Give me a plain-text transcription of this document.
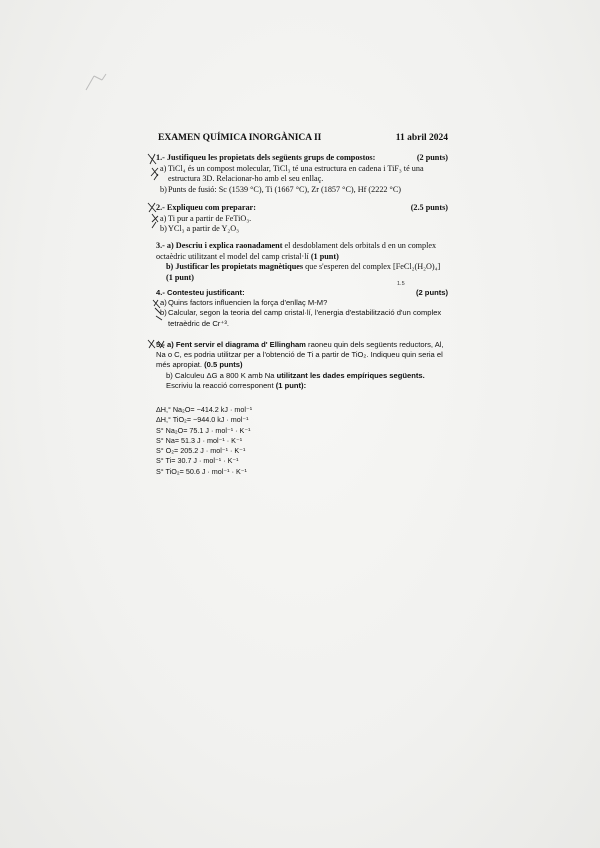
EXAMEN QUÍMICA INORGÀNICA II	11 abril 2024
1.- Justifiqueu les propietats dels següents grups de compostos:	(2 punts)
a) TiCl₄ és un compost molecular, TiCl₃ té una estructura en cadena i TiF₃ té una estructura 3D. Relacionar-ho amb el seu enllaç.
b) Punts de fusió: Sc (1539 °C), Ti (1667 °C), Zr (1857 °C), Hf (2222 °C)
2.- Expliqueu com preparar:	(2.5 punts)
a) Ti pur a partir de FeTiO₃.
b) YCl₃ a partir de Y₂O₃
3.- a) Descriu i explica raonadament el desdoblament dels orbitals d en un complex octaèdric utilitzant el model del camp cristal·lí (1 punt)
b) Justificar les propietats magnètiques que s'esperen del complex [FeCl₂(H₂O)₄] (1 punt)
4.- Contesteu justificant:	(2 punts)
a) Quins factors influencien la força d'enllaç M-M?
b) Calcular, segon la teoria del camp cristal·lí, l'energia d'estabilització d'un complex tetraèdric de Cr⁺³.
1.5
5.- a) Fent servir el diagrama d' Ellingham raoneu quin dels següents reductors, Al, Na o C, es podria utilitzar per a l'obtenció de Ti a partir de TiO₂. Indiqueu quin seria el més apropiat. (0.5 punts)
b) Calculeu ΔG a 800 K amb Na utilitzant les dades empíriques següents. Escriviu la reacció corresponent (1 punt):
ΔH,° Na₂O= −414.2 kJ · mol⁻¹
ΔH,° TiO₂= −944.0 kJ · mol⁻¹
S° Na₂O= 75.1 J · mol⁻¹ · K⁻¹
S° Na= 51.3 J · mol⁻¹ · K⁻¹
S° O₂= 205.2 J · mol⁻¹ · K⁻¹
S° Ti= 30.7 J · mol⁻¹ · K⁻¹
S° TiO₂= 50.6 J · mol⁻¹ · K⁻¹
